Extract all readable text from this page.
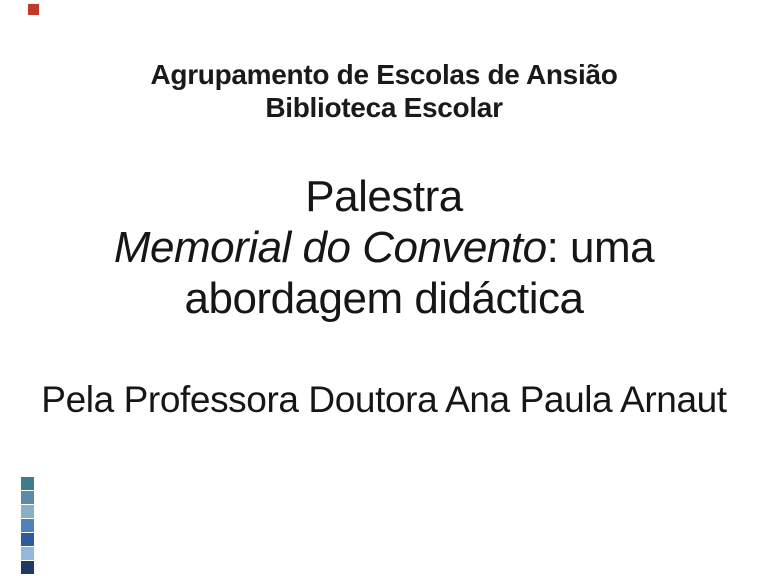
Agrupamento de Escolas de Ansião
Biblioteca Escolar
Palestra
Memorial do Convento: uma
abordagem didáctica
Pela Professora Doutora Ana Paula Arnaut
